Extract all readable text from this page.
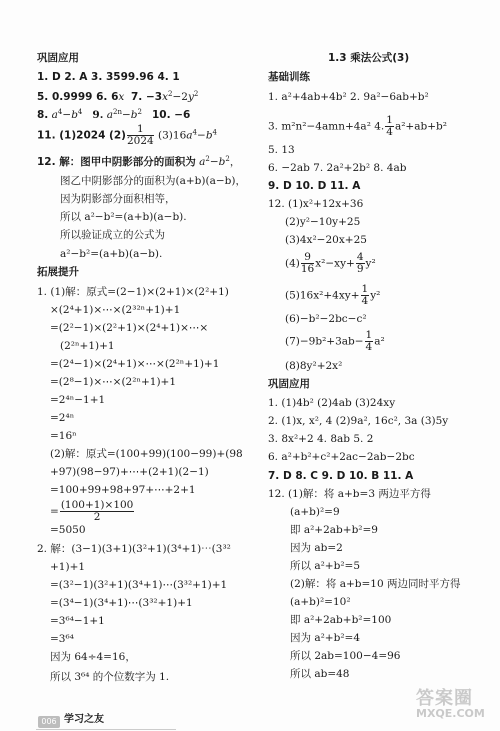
巩固应用
1. D 2. A 3. 3599.96 4. 1
5. 0.9999 6. 6x 7. $-3x^2-2y^2$
8. $a^4-b^4$ 9. $a^{2n}-b^2$ 10. −6
11. (1)2024 $(2) \frac{1}{2024} (3)16a^4-b^4$
12. 解：图甲中阴影部分的面积为 $a^2-b^2$，
图乙中阴影部分的面积为(a+b)(a−b)，
因为阴影部分面积相等，
所以 a²−b²=(a+b)(a−b).
所以验证成立的公式为
a²−b²=(a+b)(a−b).
拓展提升
1. (1)解：原式=(2−1)×(2+1)×(2²+1)
×(2⁴+1)×⋯×(2³²ⁿ+1)+1
=(2²−1)×(2²+1)×(2⁴+1)×⋯×
(2²ⁿ+1)+1
=(2⁴−1)×(2⁴+1)×⋯×(2²ⁿ+1)+1
=(2⁸−1)×⋯×(2²ⁿ+1)+1
=2⁴ⁿ−1+1
=2⁴ⁿ
=16ⁿ
(2)解：原式=(100+99)(100−99)+(98
+97)(98−97)+⋯+(2+1)(2−1)
=100+99+98+97+⋯+2+1
= $\frac{(100+1)\times 100}{2}$
=5050
2. 解：(3−1)(3+1)(3²+1)(3⁴+1)⋯(3³²
+1)+1
=(3²−1)(3²+1)(3⁴+1)⋯(3³²+1)+1
=(3⁴−1)(3⁴+1)⋯(3³²+1)+1
=3⁶⁴−1+1
=3⁶⁴
因为 64÷4=16，
所以 3⁶⁴ 的个位数字为 1.
1.3 乘法公式(3)
基础训练
1. a²+4ab+4b² 2. 9a²−6ab+b²
3. m²n²−4amn+4a² 4. $\frac{1}{4} a^2+ab+b^2$
5. 13
6. −2ab 7. 2a²+2b² 8. 4ab
9. D 10. D 11. A
12. (1)x²+12x+36
(2)y²−10y+25
(3)4x²−20x+25
$(4) \frac{9}{16} x^2-xy+ \frac{4}{9} y^2$
$(5)16x^2+4xy+ \frac{1}{4} y^2$
(6)−b²−2bc−c²
$(7)-9b^2+3ab- \frac{1}{4} a^2$
(8)8y²+2x²
巩固应用
1. (1)4b² (2)4ab (3)24xy
2. (1)x, x², 4 (2)9a², 16c², 3a (3)5y
3. 8x²+2 4. 8ab 5. 2
6. a²+b²+c²+2ac−2ab−2bc
7. D 8. C 9. D 10. B 11. A
12. (1)解：将 a+b=3 两边平方得
(a+b)²=9
即 a²+2ab+b²=9
因为 ab=2
所以 a²+b²=5
(2)解：将 a+b=10 两边同时平方得
(a+b)²=10²
即 a²+2ab+b²=100
因为 a²+b²=4
所以 2ab=100−4=96
所以 ab=48
006 学习之友
答案圈
MXQE.COM
